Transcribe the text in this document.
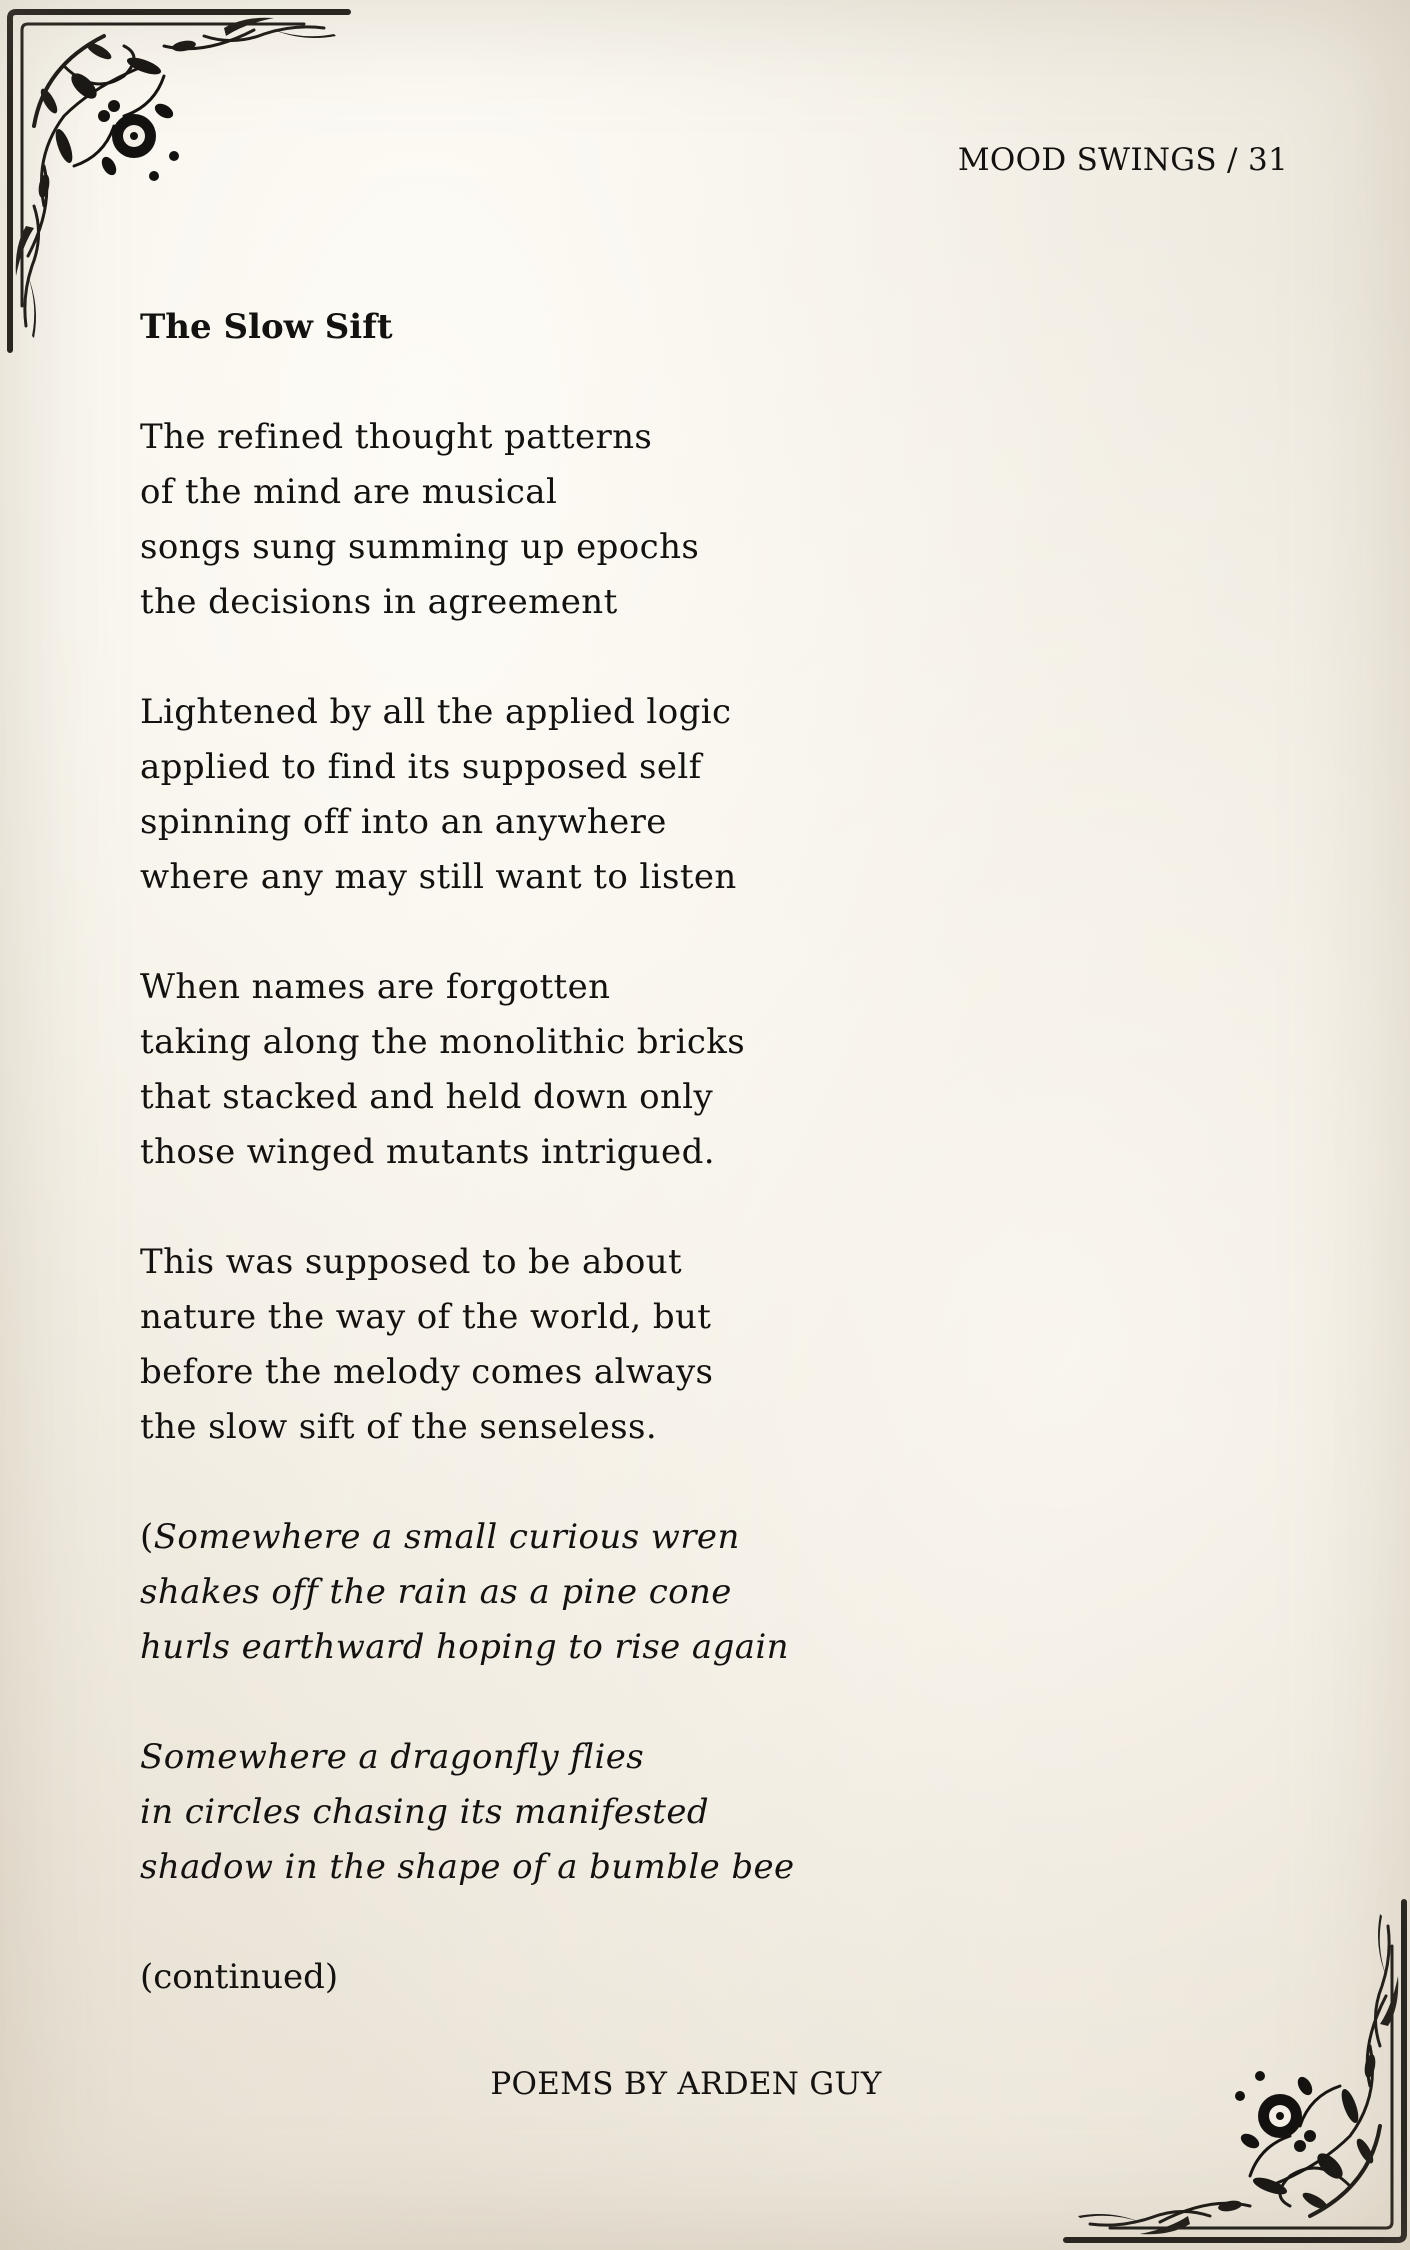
MOOD SWINGS / 31
The Slow Sift
The refined thought patterns
of the mind are musical
songs sung summing up epochs
the decisions in agreement
Lightened by all the applied logic
applied to find its supposed self
spinning off into an anywhere
where any may still want to listen
When names are forgotten
taking along the monolithic bricks
that stacked and held down only
those winged mutants intrigued.
This was supposed to be about
nature the way of the world, but
before the melody comes always
the slow sift of the senseless.
(Somewhere a small curious wren
shakes off the rain as a pine cone
hurls earthward hoping to rise again
Somewhere a dragonfly flies
in circles chasing its manifested
shadow in the shape of a bumble bee
(continued)
POEMS BY ARDEN GUY
